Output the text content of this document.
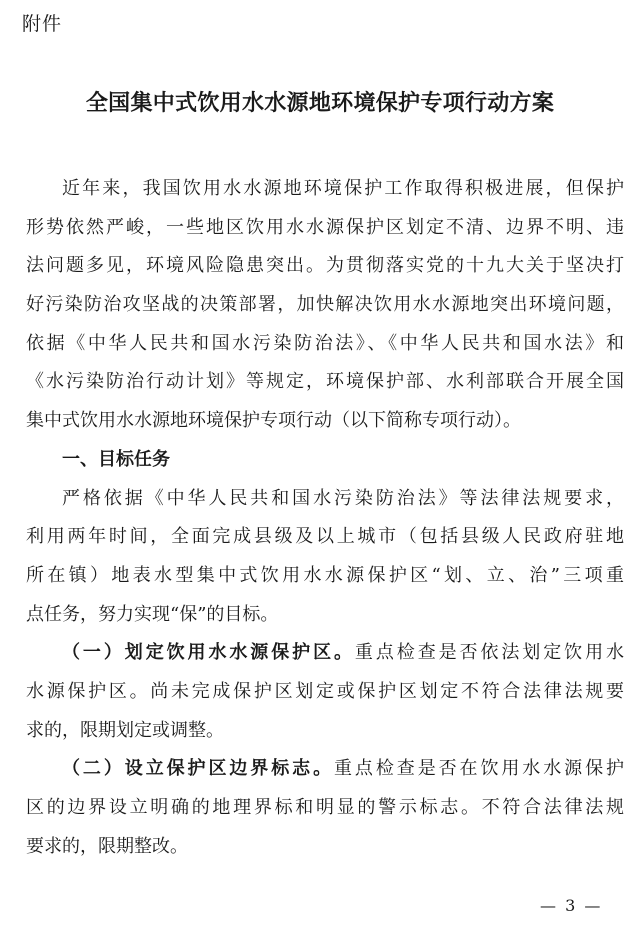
附件
全国集中式饮用水水源地环境保护专项行动方案
近年来，我国饮用水水源地环境保护工作取得积极进展，但保护
形势依然严峻，一些地区饮用水水源保护区划定不清、边界不明、违
法问题多见，环境风险隐患突出。为贯彻落实党的十九大关于坚决打
好污染防治攻坚战的决策部署，加快解决饮用水水源地突出环境问题，
依据《中华人民共和国水污染防治法》、《中华人民共和国水法》和
《水污染防治行动计划》等规定，环境保护部、水利部联合开展全国
集中式饮用水水源地环境保护专项行动（以下简称专项行动）。
一、目标任务
严格依据《中华人民共和国水污染防治法》等法律法规要求，
利用两年时间，全面完成县级及以上城市（包括县级人民政府驻地
所在镇）地表水型集中式饮用水水源保护区“划、立、治”三项重
点任务，努力实现“保”的目标。
（一）划定饮用水水源保护区。重点检查是否依法划定饮用水
水源保护区。尚未完成保护区划定或保护区划定不符合法律法规要
求的，限期划定或调整。
（二）设立保护区边界标志。重点检查是否在饮用水水源保护
区的边界设立明确的地理界标和明显的警示标志。不符合法律法规
要求的，限期整改。
— 3 —
